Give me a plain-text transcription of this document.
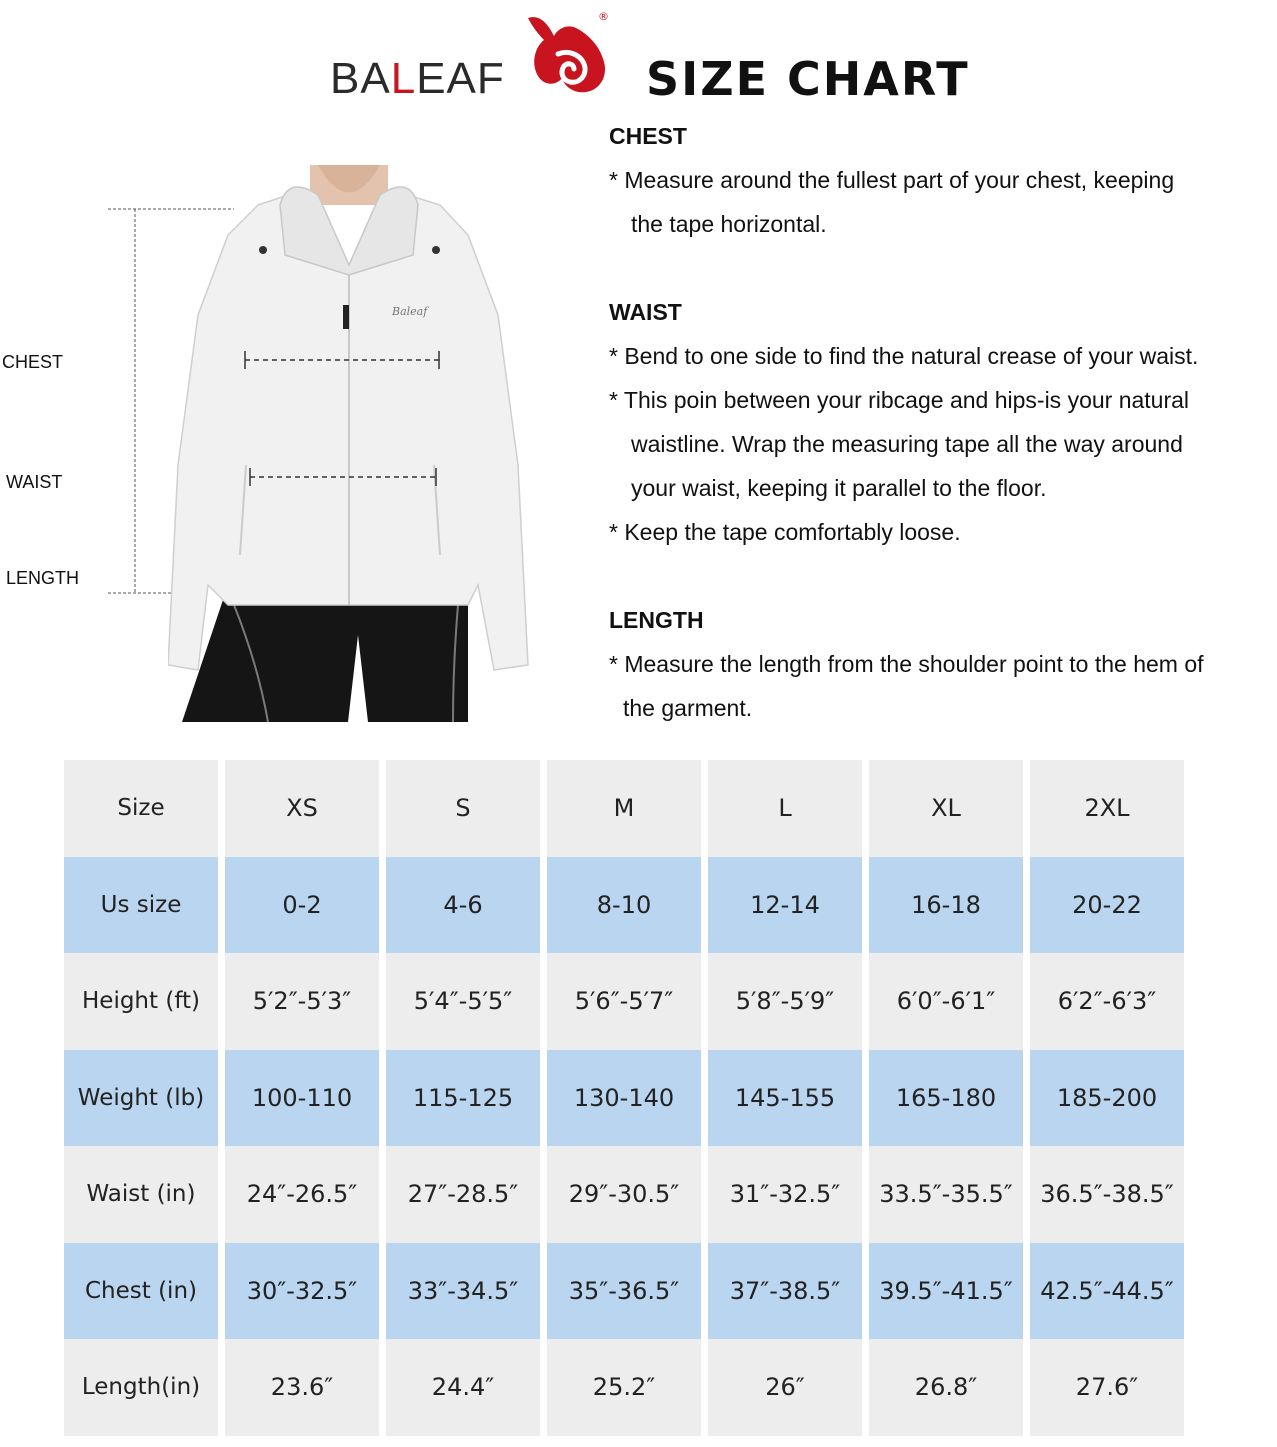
BALEAF
®
SIZE CHART
CHEST
WAIST
LENGTH
Baleaf
CHEST

* Measure around the fullest part of your chest, keeping

the tape horizontal.

WAIST

* Bend to one side to find the natural crease of your waist.

* This poin between your ribcage and hips-is your natural

waistline. Wrap the measuring tape all the way around

your waist, keeping it parallel to the floor.

* Keep the tape comfortably loose.

LENGTH

* Measure the length from the shoulder point to the hem of

the garment.

Size	XS	S	M	L	XL	2XL
Us size	0-2	4-6	8-10	12-14	16-18	20-22
Height (ft)	5′2″-5′3″	5′4″-5′5″	5′6″-5′7″	5′8″-5′9″	6′0″-6′1″	6′2″-6′3″
Weight (lb)	100-110	115-125	130-140	145-155	165-180	185-200
Waist (in)	24″-26.5″	27″-28.5″	29″-30.5″	31″-32.5″	33.5″-35.5″	36.5″-38.5″
Chest (in)	30″-32.5″	33″-34.5″	35″-36.5″	37″-38.5″	39.5″-41.5″	42.5″-44.5″
Length(in)	23.6″	24.4″	25.2″	26″	26.8″	27.6″
